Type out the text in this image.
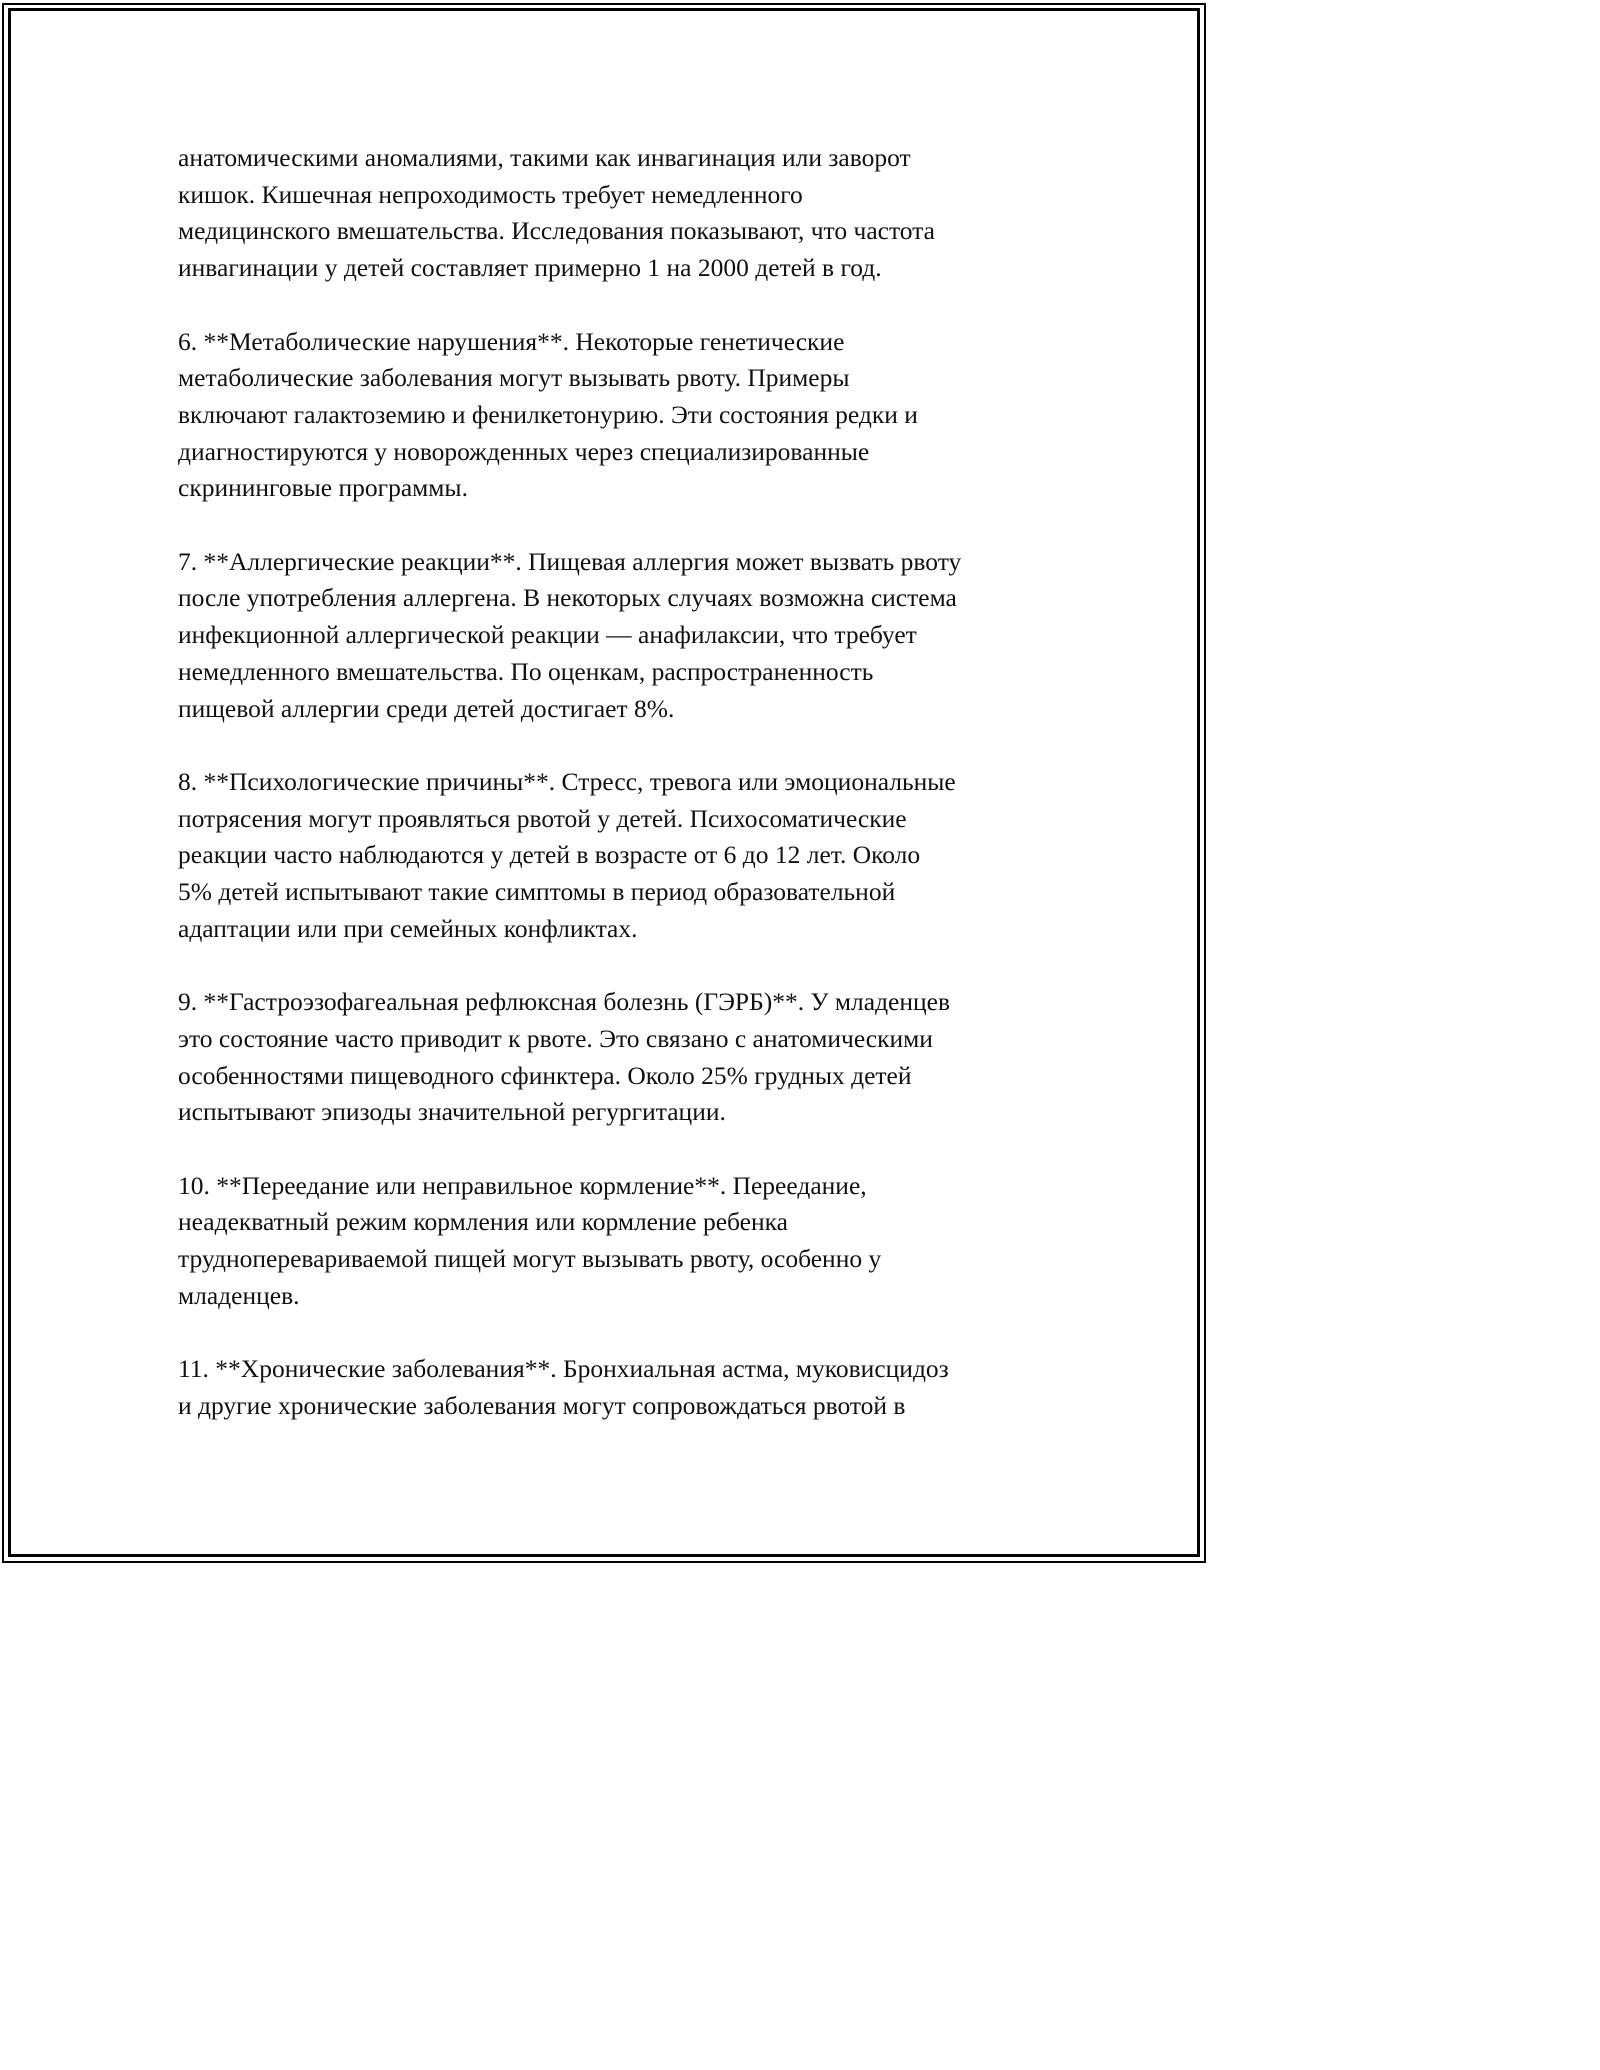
анатомическими аномалиями, такими как инвагинация или заворот
кишок. Кишечная непроходимость требует немедленного
медицинского вмешательства. Исследования показывают, что частота
инвагинации у детей составляет примерно 1 на 2000 детей в год.
6. **Метаболические нарушения**. Некоторые генетические
метаболические заболевания могут вызывать рвоту. Примеры
включают галактоземию и фенилкетонурию. Эти состояния редки и
диагностируются у новорожденных через специализированные
скрининговые программы.
7. **Аллергические реакции**. Пищевая аллергия может вызвать рвоту
после употребления аллергена. В некоторых случаях возможна система
инфекционной аллергической реакции — анафилаксии, что требует
немедленного вмешательства. По оценкам, распространенность
пищевой аллергии среди детей достигает 8%.
8. **Психологические причины**. Стресс, тревога или эмоциональные
потрясения могут проявляться рвотой у детей. Психосоматические
реакции часто наблюдаются у детей в возрасте от 6 до 12 лет. Около
5% детей испытывают такие симптомы в период образовательной
адаптации или при семейных конфликтах.
9. **Гастроэзофагеальная рефлюксная болезнь (ГЭРБ)**. У младенцев
это состояние часто приводит к рвоте. Это связано с анатомическими
особенностями пищеводного сфинктера. Около 25% грудных детей
испытывают эпизоды значительной регургитации.
10. **Переедание или неправильное кормление**. Переедание,
неадекватный режим кормления или кормление ребенка
трудноперевариваемой пищей могут вызывать рвоту, особенно у
младенцев.
11. **Хронические заболевания**. Бронхиальная астма, муковисцидоз
и другие хронические заболевания могут сопровождаться рвотой в
